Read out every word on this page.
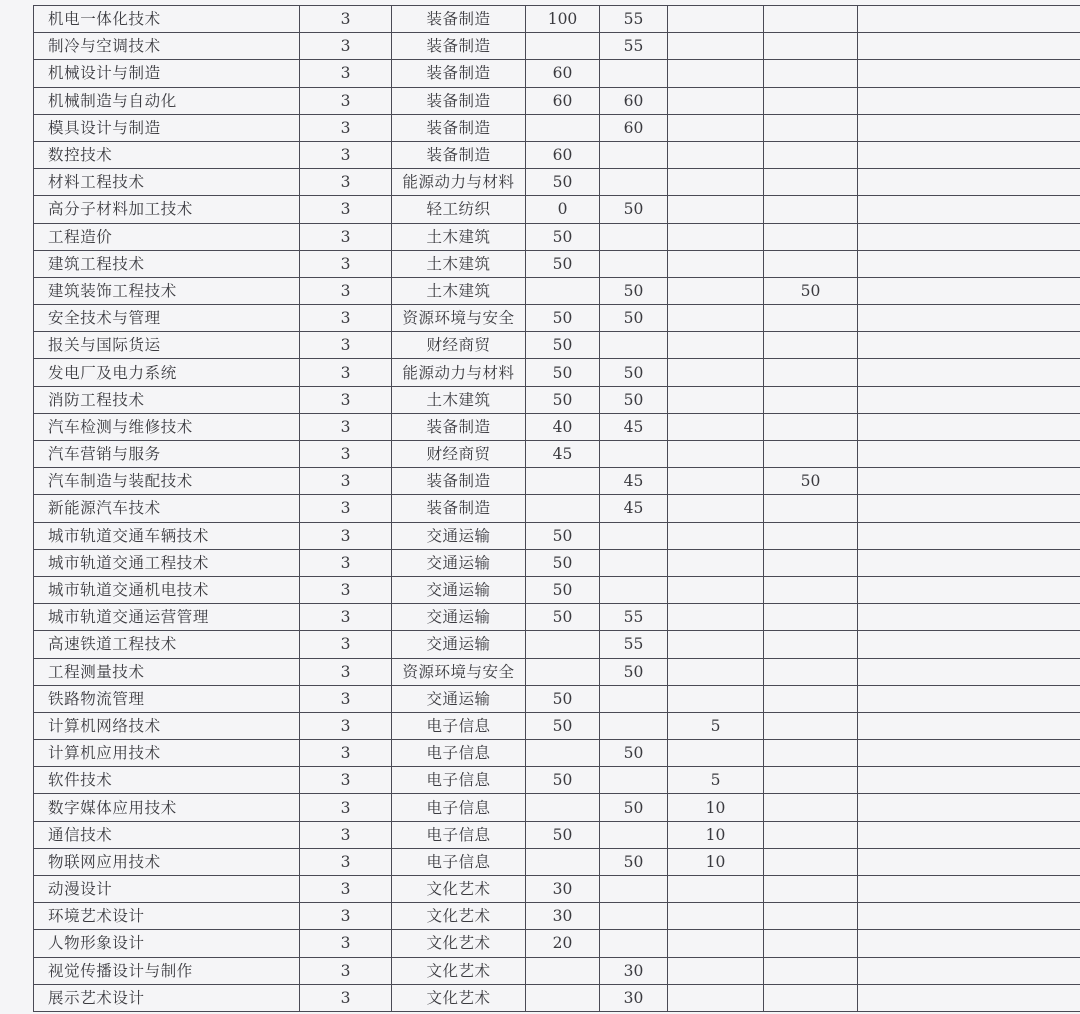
机电一体化技术	3	装备制造	100	55			
制冷与空调技术	3	装备制造		55			
机械设计与制造	3	装备制造	60				
机械制造与自动化	3	装备制造	60	60			
模具设计与制造	3	装备制造		60			
数控技术	3	装备制造	60				
材料工程技术	3	能源动力与材料	50				
高分子材料加工技术	3	轻工纺织	0	50			
工程造价	3	土木建筑	50				
建筑工程技术	3	土木建筑	50				
建筑装饰工程技术	3	土木建筑		50		50	
安全技术与管理	3	资源环境与安全	50	50			
报关与国际货运	3	财经商贸	50				
发电厂及电力系统	3	能源动力与材料	50	50			
消防工程技术	3	土木建筑	50	50			
汽车检测与维修技术	3	装备制造	40	45			
汽车营销与服务	3	财经商贸	45				
汽车制造与装配技术	3	装备制造		45		50	
新能源汽车技术	3	装备制造		45			
城市轨道交通车辆技术	3	交通运输	50				
城市轨道交通工程技术	3	交通运输	50				
城市轨道交通机电技术	3	交通运输	50				
城市轨道交通运营管理	3	交通运输	50	55			
高速铁道工程技术	3	交通运输		55			
工程测量技术	3	资源环境与安全		50			
铁路物流管理	3	交通运输	50				
计算机网络技术	3	电子信息	50		5		
计算机应用技术	3	电子信息		50			
软件技术	3	电子信息	50		5		
数字媒体应用技术	3	电子信息		50	10		
通信技术	3	电子信息	50		10		
物联网应用技术	3	电子信息		50	10		
动漫设计	3	文化艺术	30				
环境艺术设计	3	文化艺术	30				
人物形象设计	3	文化艺术	20				
视觉传播设计与制作	3	文化艺术		30			
展示艺术设计	3	文化艺术		30			
